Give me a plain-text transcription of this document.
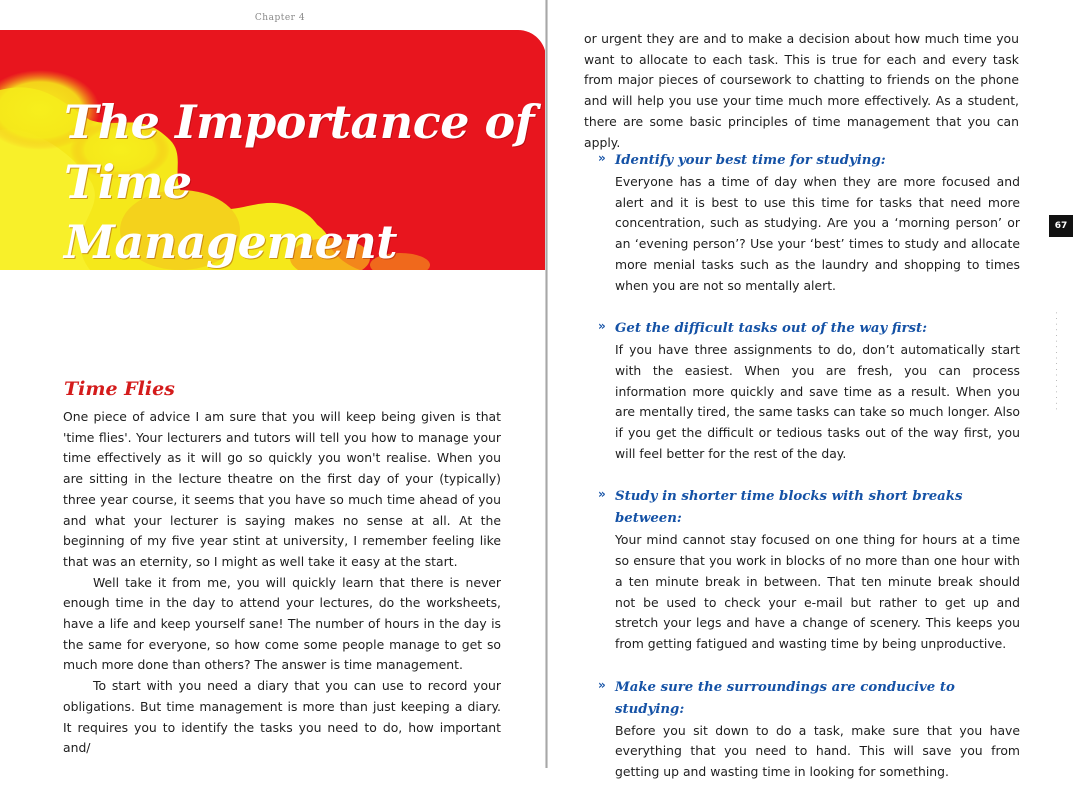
Chapter 4
The Importance of Time Management
Time Flies

One piece of advice I am sure that you will keep being given is that 'time flies'. Your lecturers and tutors will tell you how to manage your time effectively as it will go so quickly you won't realise. When you are sitting in the lecture theatre on the first day of your (typically) three year course, it seems that you have so much time ahead of you and what your lecturer is saying makes no sense at all. At the beginning of my five year stint at university, I remember feeling like that was an eternity, so I might as well take it easy at the start.

Well take it from me, you will quickly learn that there is never enough time in the day to attend your lectures, do the worksheets, have a life and keep yourself sane! The number of hours in the day is the same for everyone, so how come some people manage to get so much more done than others? The answer is time management.

To start with you need a diary that you can use to record your obligations. But time management is more than just keeping a diary. It requires you to identify the tasks you need to do, how important and/

or urgent they are and to make a decision about how much time you want to allocate to each task. This is true for each and every task from major pieces of coursework to chatting to friends on the phone and will help you use your time much more effectively. As a student, there are some basic principles of time management that you can apply.

» Identify your best time for studying:
Everyone has a time of day when they are more focused and alert and it is best to use this time for tasks that need more concentration, such as studying. Are you a ‘morning person’ or an ‘evening person’? Use your ‘best’ times to study and allocate more menial tasks such as the laundry and shopping to times when you are not so mentally alert.
» Get the difficult tasks out of the way first:
If you have three assignments to do, don’t automatically start with the easiest. When you are fresh, you can process information more quickly and save time as a result. When you are mentally tired, the same tasks can take so much longer. Also if you get the difficult or tedious tasks out of the way first, you will feel better for the rest of the day.
» Study in shorter time blocks with short breaks between:
Your mind cannot stay focused on one thing for hours at a time so ensure that you work in blocks of no more than one hour with a ten minute break in between. That ten minute break should not be used to check your e-mail but rather to get up and stretch your legs and have a change of scenery. This keeps you from getting fatigued and wasting time by being unproductive.
» Make sure the surroundings are conducive to studying:
Before you sit down to do a task, make sure that you have everything that you need to hand. This will save you from getting up and wasting time in looking for something.
67
· · · · · · · · · · · · · · · · · ·
